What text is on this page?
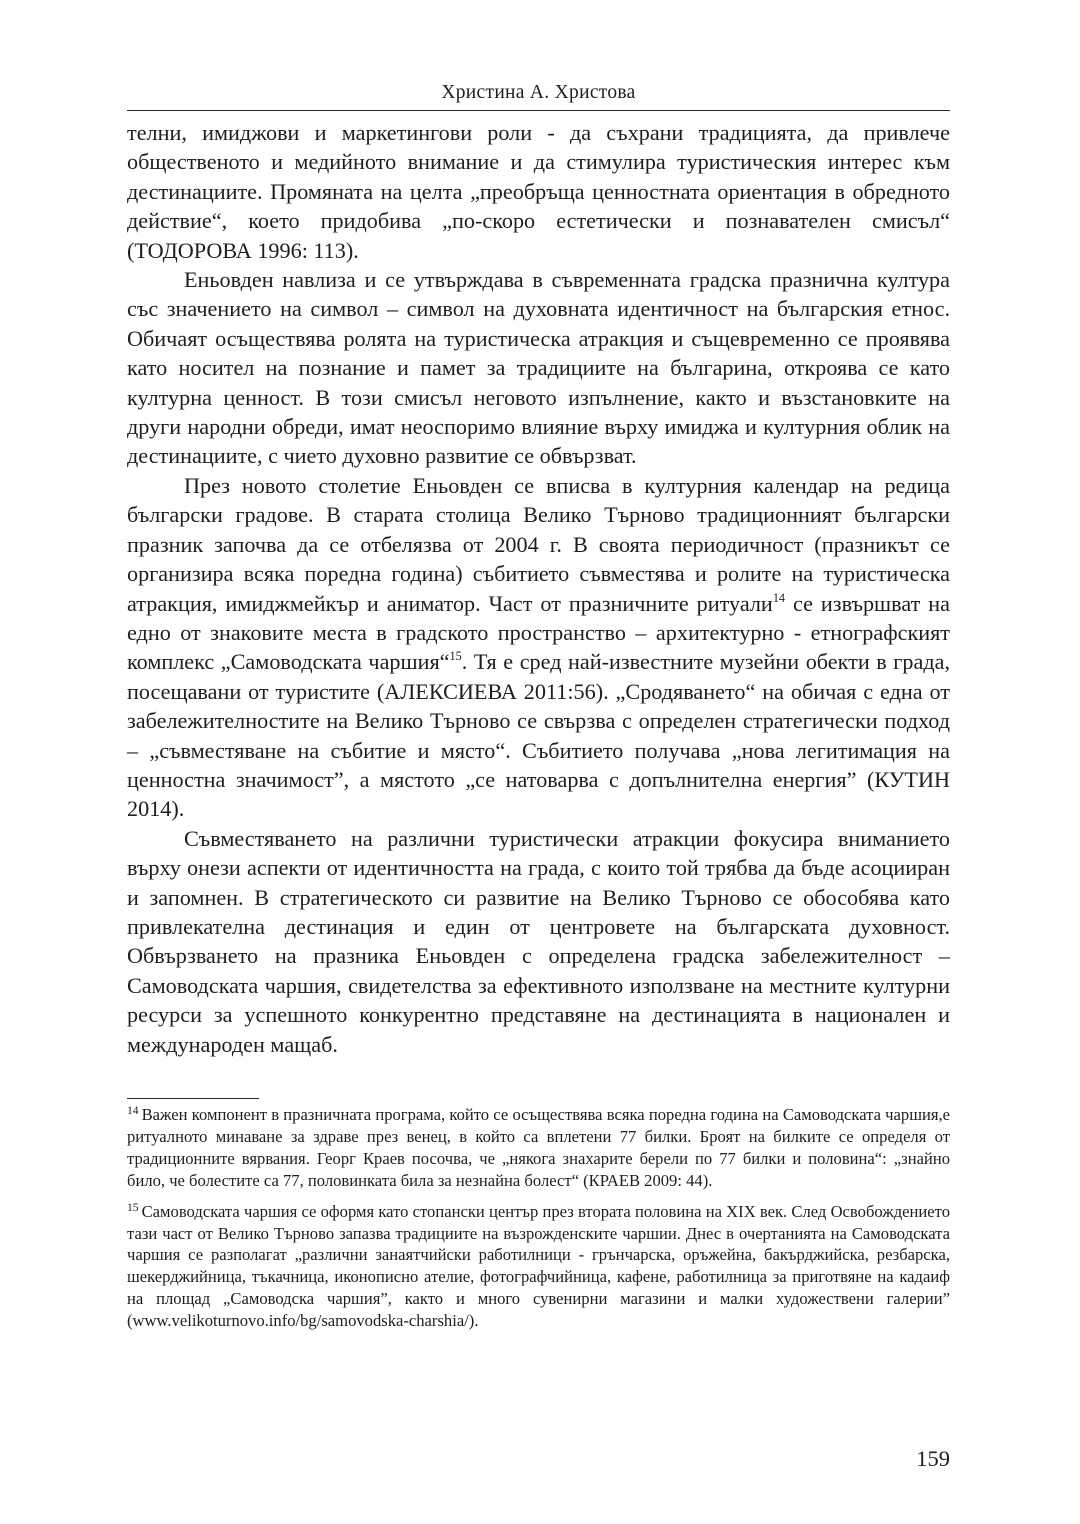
Христина А. Христова

телни, имиджови и маркетингови роли - да съхрани традицията, да привлече общественото и медийното внимание и да стимулира туристическия интерес към дестинациите. Промяната на целта „преобръща ценностната ориентация в обредното действие“, което придобива „по-скоро естетически и познавателен смисъл“ (ТОДОРОВА 1996: 113).

Еньовден навлиза и се утвърждава в съвременната градска празнична култура със значението на символ – символ на духовната идентичност на българския етнос. Обичаят осъществява ролята на туристическа атракция и същевременно се проявява като носител на познание и памет за традициите на българина, откроява се като културна ценност. В този смисъл неговото изпълнение, както и възстановките на други народни обреди, имат неоспоримо влияние върху имиджа и културния облик на дестинациите, с чието духовно развитие се обвързват.

През новото столетие Еньовден се вписва в културния календар на редица български градове. В старата столица Велико Търново традиционният български празник започва да се отбелязва от 2004 г. В своята периодичност (празникът се организира всяка поредна година) събитието съвместява и ролите на туристическа атракция, имиджмейкър и аниматор. Част от празничните ритуали$^{14}$ се извършват на едно от знаковите места в градското пространство – архитектурно - етнографският комплекс „Самоводската чаршия“$^{15}$. Тя е сред най-известните музейни обекти в града, посещавани от туристите (АЛЕКСИЕВА 2011:56). „Сродяването“ на обичая с една от забележителностите на Велико Търново се свързва с определен стратегически подход – „съвместяване на събитие и място“. Събитието получава „нова легитимация на ценностна значимост”, а мястото „се натоварва с допълнителна енергия” (КУТИН 2014).

Съвместяването на различни туристически атракции фокусира вниманието върху онези аспекти от идентичността на града, с които той трябва да бъде асоцииран и запомнен. В стратегическото си развитие на Велико Търново се обособява като привлекателна дестинация и един от центровете на българската духовност. Обвързването на празника Еньовден с определена градска забележителност – Самоводската чаршия, свидетелства за ефективното използване на местните културни ресурси за успешното конкурентно представяне на дестинацията в национален и международен мащаб.

$^{14}$ Важен компонент в празничната програма, който се осъществява всяка поредна година на Самоводската чаршия,е ритуалното минаване за здраве през венец, в който са вплетени 77 билки. Броят на билките се определя от традиционните вярвания. Георг Краев посочва, че „някога знахарите берели по 77 билки и половина“: „знайно било, че болестите са 77, половинката била за незнайна болест“ (КРАЕВ 2009: 44).

$^{15}$ Самоводската чаршия се оформя като стопански център през втората половина на XIX век. След Освобождението тази част от Велико Търново запазва традициите на възрожденските чаршии. Днес в очертанията на Самоводската чаршия се разполагат „различни занаятчийски работилници - грънчарска, оръжейна, бакърджийска, резбарска, шекерджийница, тъкачница, иконописно ателие, фотографчийница, кафене, работилница за приготвяне на кадаиф на площад „Самоводска чаршия”, както и много сувенирни магазини и малки художествени галерии” (www.velikoturnovo.info/bg/samovodska-charshia/).

159
